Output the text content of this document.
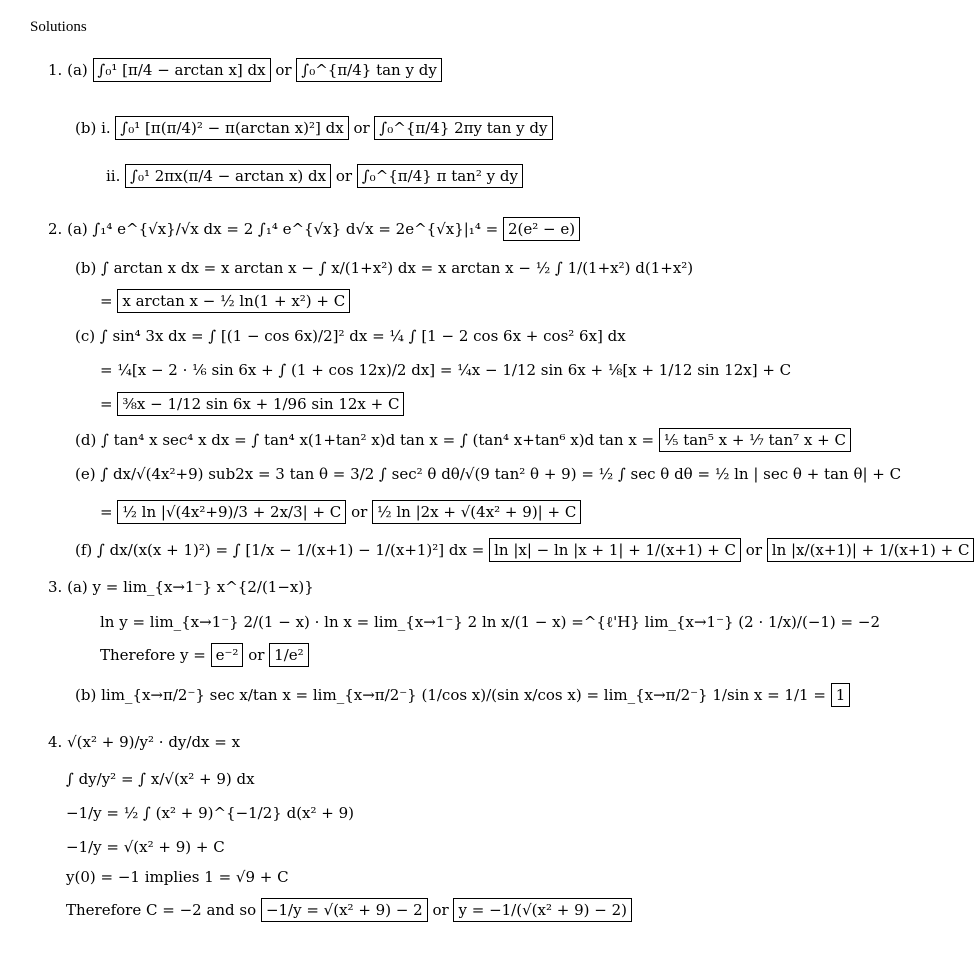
Solutions
1. (a) ∫₀¹ [π/4 − arctan x] dx or ∫₀^{π/4} tan y dy
(b) i. ∫₀¹ [π(π/4)² − π(arctan x)²] dx or ∫₀^{π/4} 2πy tan y dy
ii. ∫₀¹ 2πx(π/4 − arctan x) dx or ∫₀^{π/4} π tan² y dy
2. (a) ∫₁⁴ e^{√x}/√x dx = 2 ∫₁⁴ e^{√x} d√x = 2e^{√x}|₁⁴ = 2(e² − e)
(b) ∫ arctan x dx = x arctan x − ∫ x/(1+x²) dx = x arctan x − ½ ∫ 1/(1+x²) d(1+x²)
= x arctan x − ½ ln(1 + x²) + C
(c) ∫ sin⁴ 3x dx = ∫ [(1 − cos 6x)/2]² dx = ¼ ∫ [1 − 2 cos 6x + cos² 6x] dx
= ¼[x − 2 · ⅙ sin 6x + ∫ (1 + cos 12x)/2 dx] = ¼x − 1/12 sin 6x + ⅛[x + 1/12 sin 12x] + C
= ⅜x − 1/12 sin 6x + 1/96 sin 12x + C
(d) ∫ tan⁴ x sec⁴ x dx = ∫ tan⁴ x(1+tan² x)d tan x = ∫ (tan⁴ x+tan⁶ x)d tan x = ⅕ tan⁵ x + ⅐ tan⁷ x + C
(e) ∫ dx/√(4x²+9) sub2x = 3 tan θ = 3/2 ∫ sec² θ dθ/√(9 tan² θ + 9) = ½ ∫ sec θ dθ = ½ ln | sec θ + tan θ| + C
= ½ ln |√(4x²+9)/3 + 2x/3| + C or ½ ln |2x + √(4x² + 9)| + C
(f) ∫ dx/(x(x + 1)²) = ∫ [1/x − 1/(x+1) − 1/(x+1)²] dx = ln |x| − ln |x + 1| + 1/(x+1) + C or ln |x/(x+1)| + 1/(x+1) + C
3. (a) y = lim_{x→1⁻} x^{2/(1−x)}
ln y = lim_{x→1⁻} 2/(1 − x) · ln x = lim_{x→1⁻} 2 ln x/(1 − x) =^{ℓ'H} lim_{x→1⁻} (2 · 1/x)/(−1) = −2
Therefore y = e⁻² or 1/e²
(b) lim_{x→π/2⁻} sec x/tan x = lim_{x→π/2⁻} (1/cos x)/(sin x/cos x) = lim_{x→π/2⁻} 1/sin x = 1/1 = 1
4. √(x² + 9)/y² · dy/dx = x
∫ dy/y² = ∫ x/√(x² + 9) dx
−1/y = ½ ∫ (x² + 9)^{−1/2} d(x² + 9)
−1/y = √(x² + 9) + C
y(0) = −1 implies 1 = √9 + C
Therefore C = −2 and so −1/y = √(x² + 9) − 2 or y = −1/(√(x² + 9) − 2)
